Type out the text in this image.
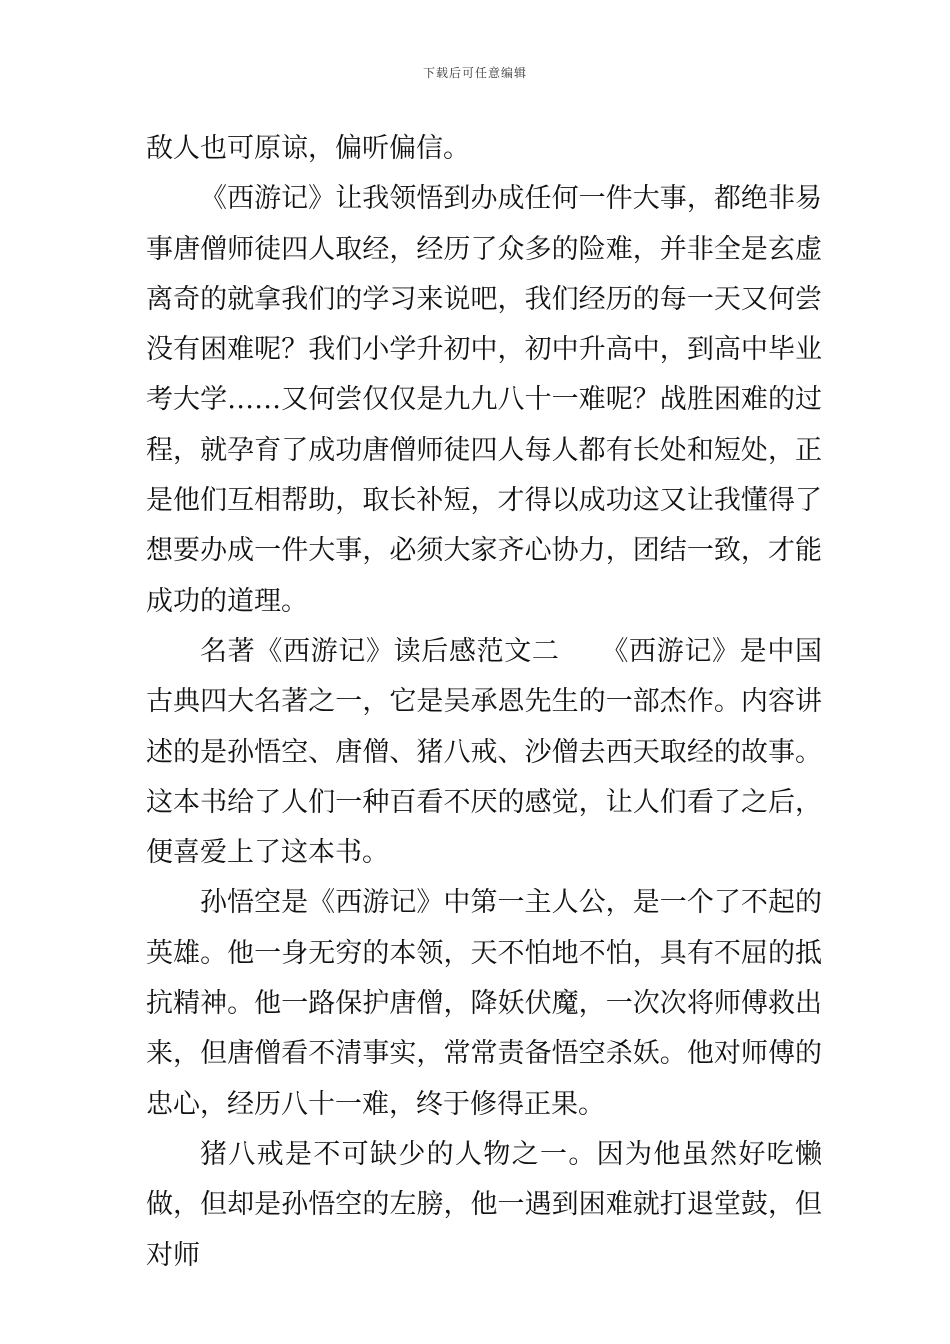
下载后可任意编辑

敌人也可原谅，偏听偏信。

《西游记》让我领悟到办成任何一件大事，都绝非易事唐僧师徒四人取经，经历了众多的险难，并非全是玄虚离奇的就拿我们的学习来说吧，我们经历的每一天又何尝没有困难呢？我们小学升初中，初中升高中，到高中毕业考大学……又何尝仅仅是九九八十一难呢？战胜困难的过程，就孕育了成功唐僧师徒四人每人都有长处和短处，正是他们互相帮助，取长补短，才得以成功这又让我懂得了想要办成一件大事，必须大家齐心协力，团结一致，才能成功的道理。

名著《西游记》读后感范文二　　《西游记》是中国古典四大名著之一，它是吴承恩先生的一部杰作。内容讲述的是孙悟空、唐僧、猪八戒、沙僧去西天取经的故事。这本书给了人们一种百看不厌的感觉，让人们看了之后，便喜爱上了这本书。

孙悟空是《西游记》中第一主人公，是一个了不起的英雄。他一身无穷的本领，天不怕地不怕，具有不屈的抵抗精神。他一路保护唐僧，降妖伏魔，一次次将师傅救出来，但唐僧看不清事实，常常责备悟空杀妖。他对师傅的忠心，经历八十一难，终于修得正果。

猪八戒是不可缺少的人物之一。因为他虽然好吃懒做，但却是孙悟空的左膀，他一遇到困难就打退堂鼓，但对师
